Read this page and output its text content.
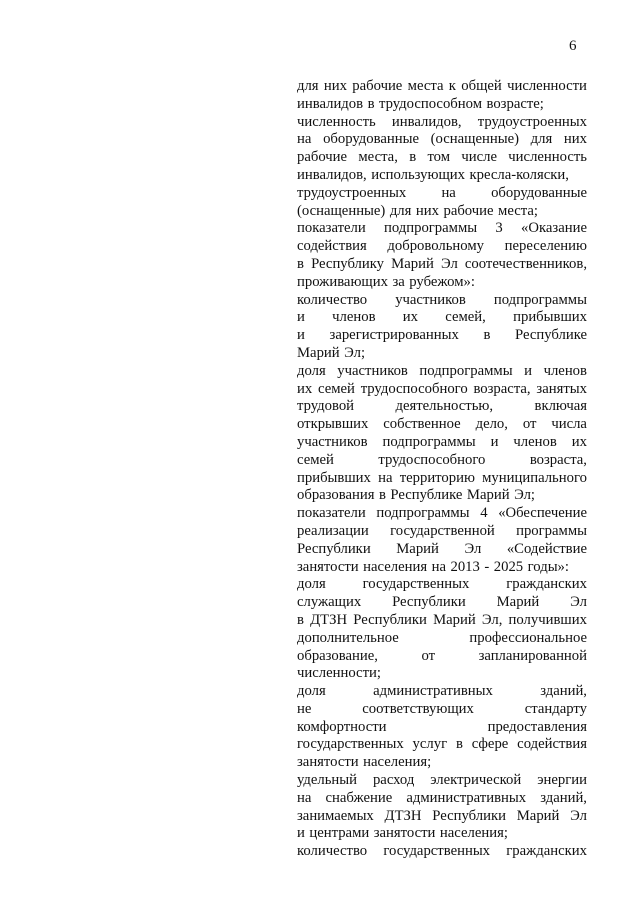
6
для них рабочие места к общей численности
инвалидов в трудоспособном возрасте;
численность инвалидов, трудоустроенных
на оборудованные (оснащенные) для них
рабочие места, в том числе численность
инвалидов, использующих кресла-коляски,
трудоустроенных на оборудованные
(оснащенные) для них рабочие места;
показатели подпрограммы 3 «Оказание
содействия добровольному переселению
в Республику Марий Эл соотечественников,
проживающих за рубежом»:
количество участников подпрограммы
и членов их семей, прибывших
и зарегистрированных в Республике
Марий Эл;
доля участников подпрограммы и членов
их семей трудоспособного возраста, занятых
трудовой	деятельностью,	включая
открывших собственное дело, от числа
участников подпрограммы и членов их
семей	трудоспособного	возраста,
прибывших на территорию муниципального
образования в Республике Марий Эл;
показатели подпрограммы 4 «Обеспечение
реализации государственной программы
Республики Марий Эл «Содействие
занятости населения на 2013 - 2025 годы»:
доля	государственных	гражданских
служащих Республики Марий Эл
в ДТЗН Республики Марий Эл, получивших
дополнительное	профессиональное
образование,	от	запланированной
численности;
доля	административных	зданий,
не	соответствующих	стандарту
комфортности	предоставления
государственных услуг в сфере содействия
занятости населения;
удельный расход электрической энергии
на снабжение административных зданий,
занимаемых ДТЗН Республики Марий Эл
и центрами занятости населения;
количество государственных гражданских
